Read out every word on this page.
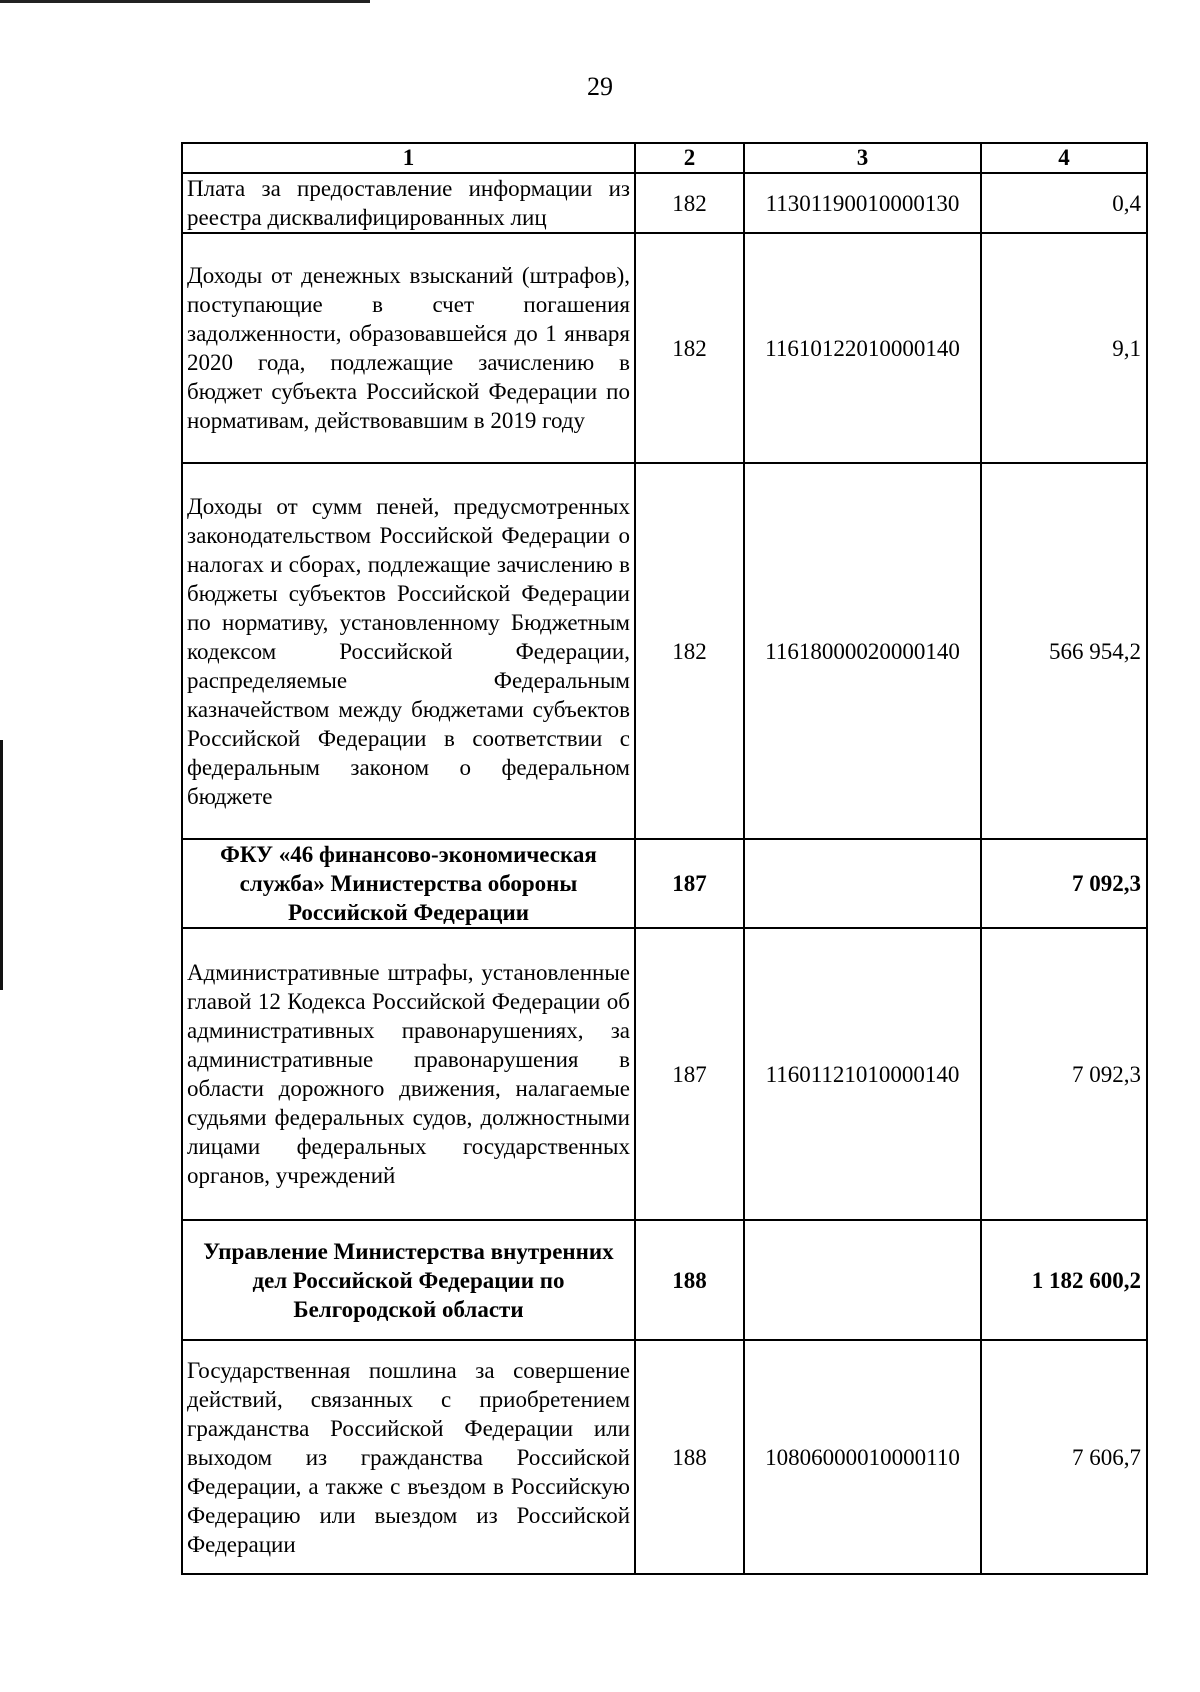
29
1	2	3	4
Плата за предоставление информации из реестра дисквалифицированных лиц	182	11301190010000130	0,4
Доходы от денежных взысканий (штрафов), поступающие в счет погашения задолженности, образовавшейся до 1 января 2020 года, подлежащие зачислению в бюджет субъекта Российской Федерации по нормативам, действовавшим в 2019 году	182	11610122010000140	9,1
Доходы от сумм пеней, предусмотренных законодательством Российской Федерации о налогах и сборах, подлежащие зачислению в бюджеты субъектов Российской Федерации по нормативу, установленному Бюджетным кодексом Российской Федерации, распределяемые Федеральным казначейством между бюджетами субъектов Российской Федерации в соответствии с федеральным законом о федеральном бюджете	182	11618000020000140	566 954,2
ФКУ «46 финансово-экономическая служба» Министерства обороны Российской Федерации	187		7 092,3
Административные штрафы, установленные главой 12 Кодекса Российской Федерации об административных правонарушениях, за административные правонарушения в области дорожного движения, налагаемые судьями федеральных судов, должностными лицами федеральных государственных органов, учреждений	187	11601121010000140	7 092,3
Управление Министерства внутренних дел Российской Федерации по Белгородской области	188		1 182 600,2
Государственная пошлина за совершение действий, связанных с приобретением гражданства Российской Федерации или выходом из гражданства Российской Федерации, а также с въездом в Российскую Федерацию или выездом из Российской Федерации	188	10806000010000110	7 606,7
